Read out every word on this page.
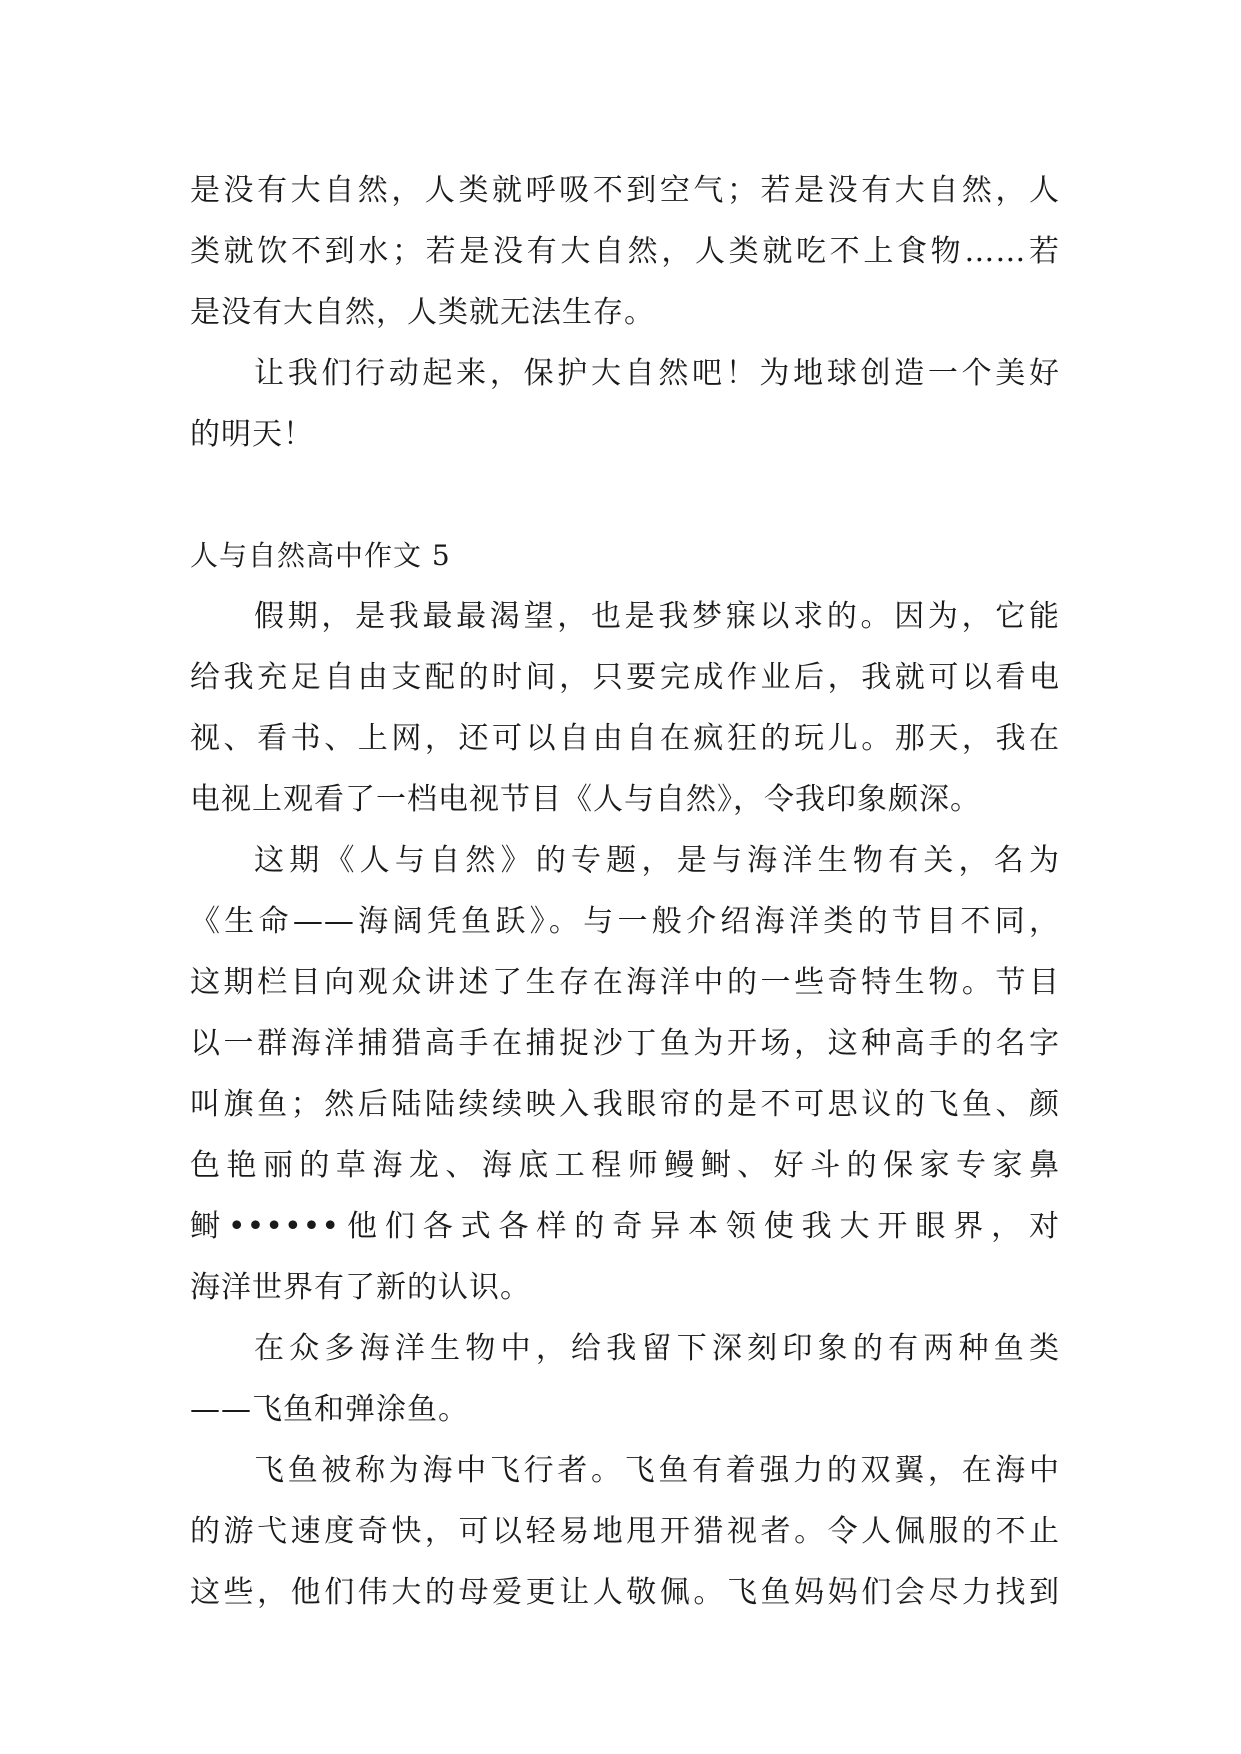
是没有大自然，人类就呼吸不到空气；若是没有大自然，人
类就饮不到水；若是没有大自然，人类就吃不上食物……若
是没有大自然，人类就无法生存。
让我们行动起来，保护大自然吧！为地球创造一个美好
的明天！
人与自然高中作文 5
假期，是我最最渴望，也是我梦寐以求的。因为，它能
给我充足自由支配的时间，只要完成作业后，我就可以看电
视、看书、上网，还可以自由自在疯狂的玩儿。那天，我在
电视上观看了一档电视节目《人与自然》，令我印象颇深。
这期《人与自然》的专题，是与海洋生物有关，名为
《生命——海阔凭鱼跃》。与一般介绍海洋类的节目不同，
这期栏目向观众讲述了生存在海洋中的一些奇特生物。节目
以一群海洋捕猎高手在捕捉沙丁鱼为开场，这种高手的名字
叫旗鱼；然后陆陆续续映入我眼帘的是不可思议的飞鱼、颜
色艳丽的草海龙、海底工程师鳗鲥、好斗的保家专家鼻
鲥••••••他们各式各样的奇异本领使我大开眼界，对
海洋世界有了新的认识。
在众多海洋生物中，给我留下深刻印象的有两种鱼类
——飞鱼和弹涂鱼。
飞鱼被称为海中飞行者。飞鱼有着强力的双翼，在海中
的游弋速度奇快，可以轻易地甩开猎视者。令人佩服的不止
这些，他们伟大的母爱更让人敬佩。飞鱼妈妈们会尽力找到
